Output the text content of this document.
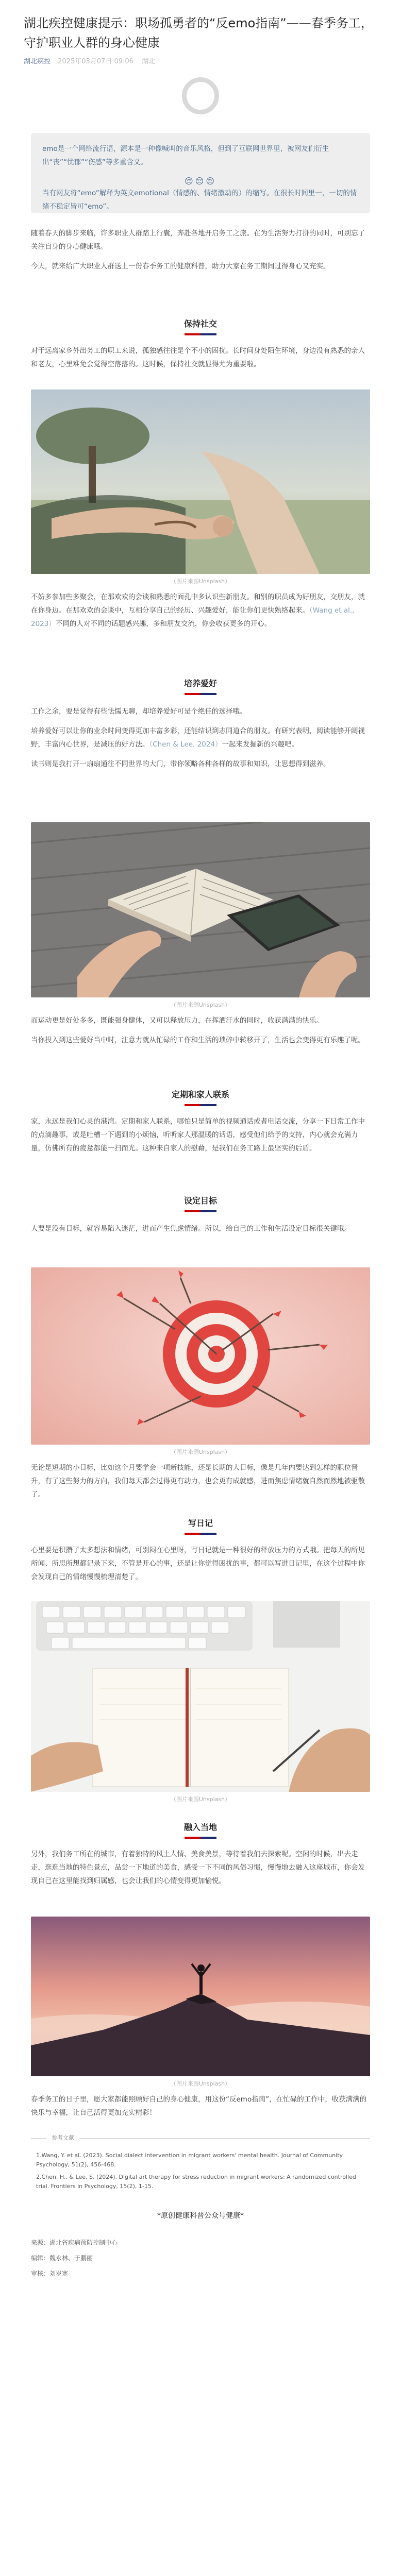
湖北疾控健康提示：职场孤勇者的“反emo指南”——春季务工，守护职业人群的身心健康
湖北疾控 2025年03月07日 09:06 湖北

emo是一个网络流行语，源本是一种像喊叫的音乐风格，但到了互联网世界里，被网友们衍生出“丧”“忧郁”“伤感”等多重含义。

😔😔😔

当有网友将“emo”解释为英文emotional（情感的、情绪激动的）的缩写。在很长时间里一，一切的情绪不稳定皆可“emo”。

随着春天的脚步来临，许多职业人群踏上行囊，奔赴各地开启务工之旅。在为生活努力打拼的同时，可别忘了关注自身的身心健康哦。

今天，就来给广大职业人群送上一份春季务工的健康科普，助力大家在务工期间过得身心又充实。

保持社交

对于远离家乡外出务工的职工来说，孤独感往往是个不小的困扰。长时间身处陌生环境，身边没有熟悉的亲人和老友，心里难免会觉得空落落的。这时候，保持社交就显得尤为重要啦。

（图片来源Unsplash）

不妨多参加些多聚会，在那欢欢的会谈和熟悉的面孔中多认识些新朋友。和别的职员成为好朋友，交朋友，就在你身边。在那欢欢的会谈中，互相分享自己的经历、兴趣爱好，能让你们更快熟络起来。（Wang et al., 2023）不同的人对不同的话题感兴趣，多和朋友交流，你会收获更多的开心。

培养爱好

工作之余，要是觉得有些怯懦无聊，却培养爱好可是个绝佳的选择哦。

培养爱好可以让你的业余时间变得更加丰富多彩，还能结识到志同道合的朋友。有研究表明，阅读能够开阔视野，丰富内心世界，是减压的好方法。（Chen & Lee, 2024）一起来发掘新的兴趣吧。

读书则是我打开一扇扇通往不同世界的大门，带你领略各种各样的故事和知识，让思想得到滋养。

（图片来源Unsplash）

而运动更是好处多多，既能强身健体，又可以释放压力，在挥洒汗水的同时，收获满满的快乐。

当你投入到这些爱好当中时，注意力就从忙碌的工作和生活的琐碎中转移开了，生活也会变得更有乐趣了呢。

定期和家人联系

家，永远是我们心灵的港湾。定期和家人联系，哪怕只是简单的视频通话或者电话交流，分享一下日常工作中的点滴趣事，或是吐槽一下遇到的小烦恼，听听家人那温暖的话语，感受他们给予的支持，内心就会充满力量，仿佛所有的疲惫都能一扫而光。这种来自家人的慰藉，是我们在务工路上最坚实的后盾。

设定目标

人要是没有目标，就容易陷入迷茫，进而产生焦虑情绪。所以，给自己的工作和生活设定目标很关键哦。

（图片来源Unsplash）

无论是短期的小目标，比如这个月要学会一项新技能，还是长期的大目标，像是几年内要达到怎样的职位晋升，有了这些努力的方向，我们每天都会过得更有动力，也会更有成就感，进而焦虑情绪就自然而然地被驱散了。

写日记

心里要是积攒了太多想法和情绪，可别闷在心里呀，写日记就是一种很好的释放压力的方式哦。把每天的所见所闻、所思所想都记录下来，不管是开心的事，还是让你觉得困扰的事，都可以写进日记里，在这个过程中你会发现自己的情绪慢慢梳理清楚了。

（图片来源Unsplash）
融入当地

另外，我们务工所在的城市，有着独特的风土人情、美食美景，等待着我们去探索呢。空闲的时候，出去走走，逛逛当地的特色景点，品尝一下地道的美食，感受一下不同的风俗习惯，慢慢地去融入这座城市，你会发现自己在这里能找到归属感，也会让我们的心情变得更加愉悦。

（图片来源Unsplash）

春季务工的日子里，愿大家都能照顾好自己的身心健康，用这份“反emo指南”，在忙碌的工作中，收获满满的快乐与幸福，让自己活得更加充实精彩！

参考文献

1.Wang, Y. et al. (2023). Social dialect intervention in migrant workers' mental health. Journal of Community Psychology, 51(2), 456-468.

2.Chen, H., & Lee, S. (2024). Digital art therapy for stress reduction in migrant workers: A randomized controlled trial. Frontiers in Psychology, 15(2), 1-15.

*原创健康科普公众号健康*

来源：湖北省疾病预防控制中心

编辑：魏永林、于鹏丽

审核：刘岁寒
